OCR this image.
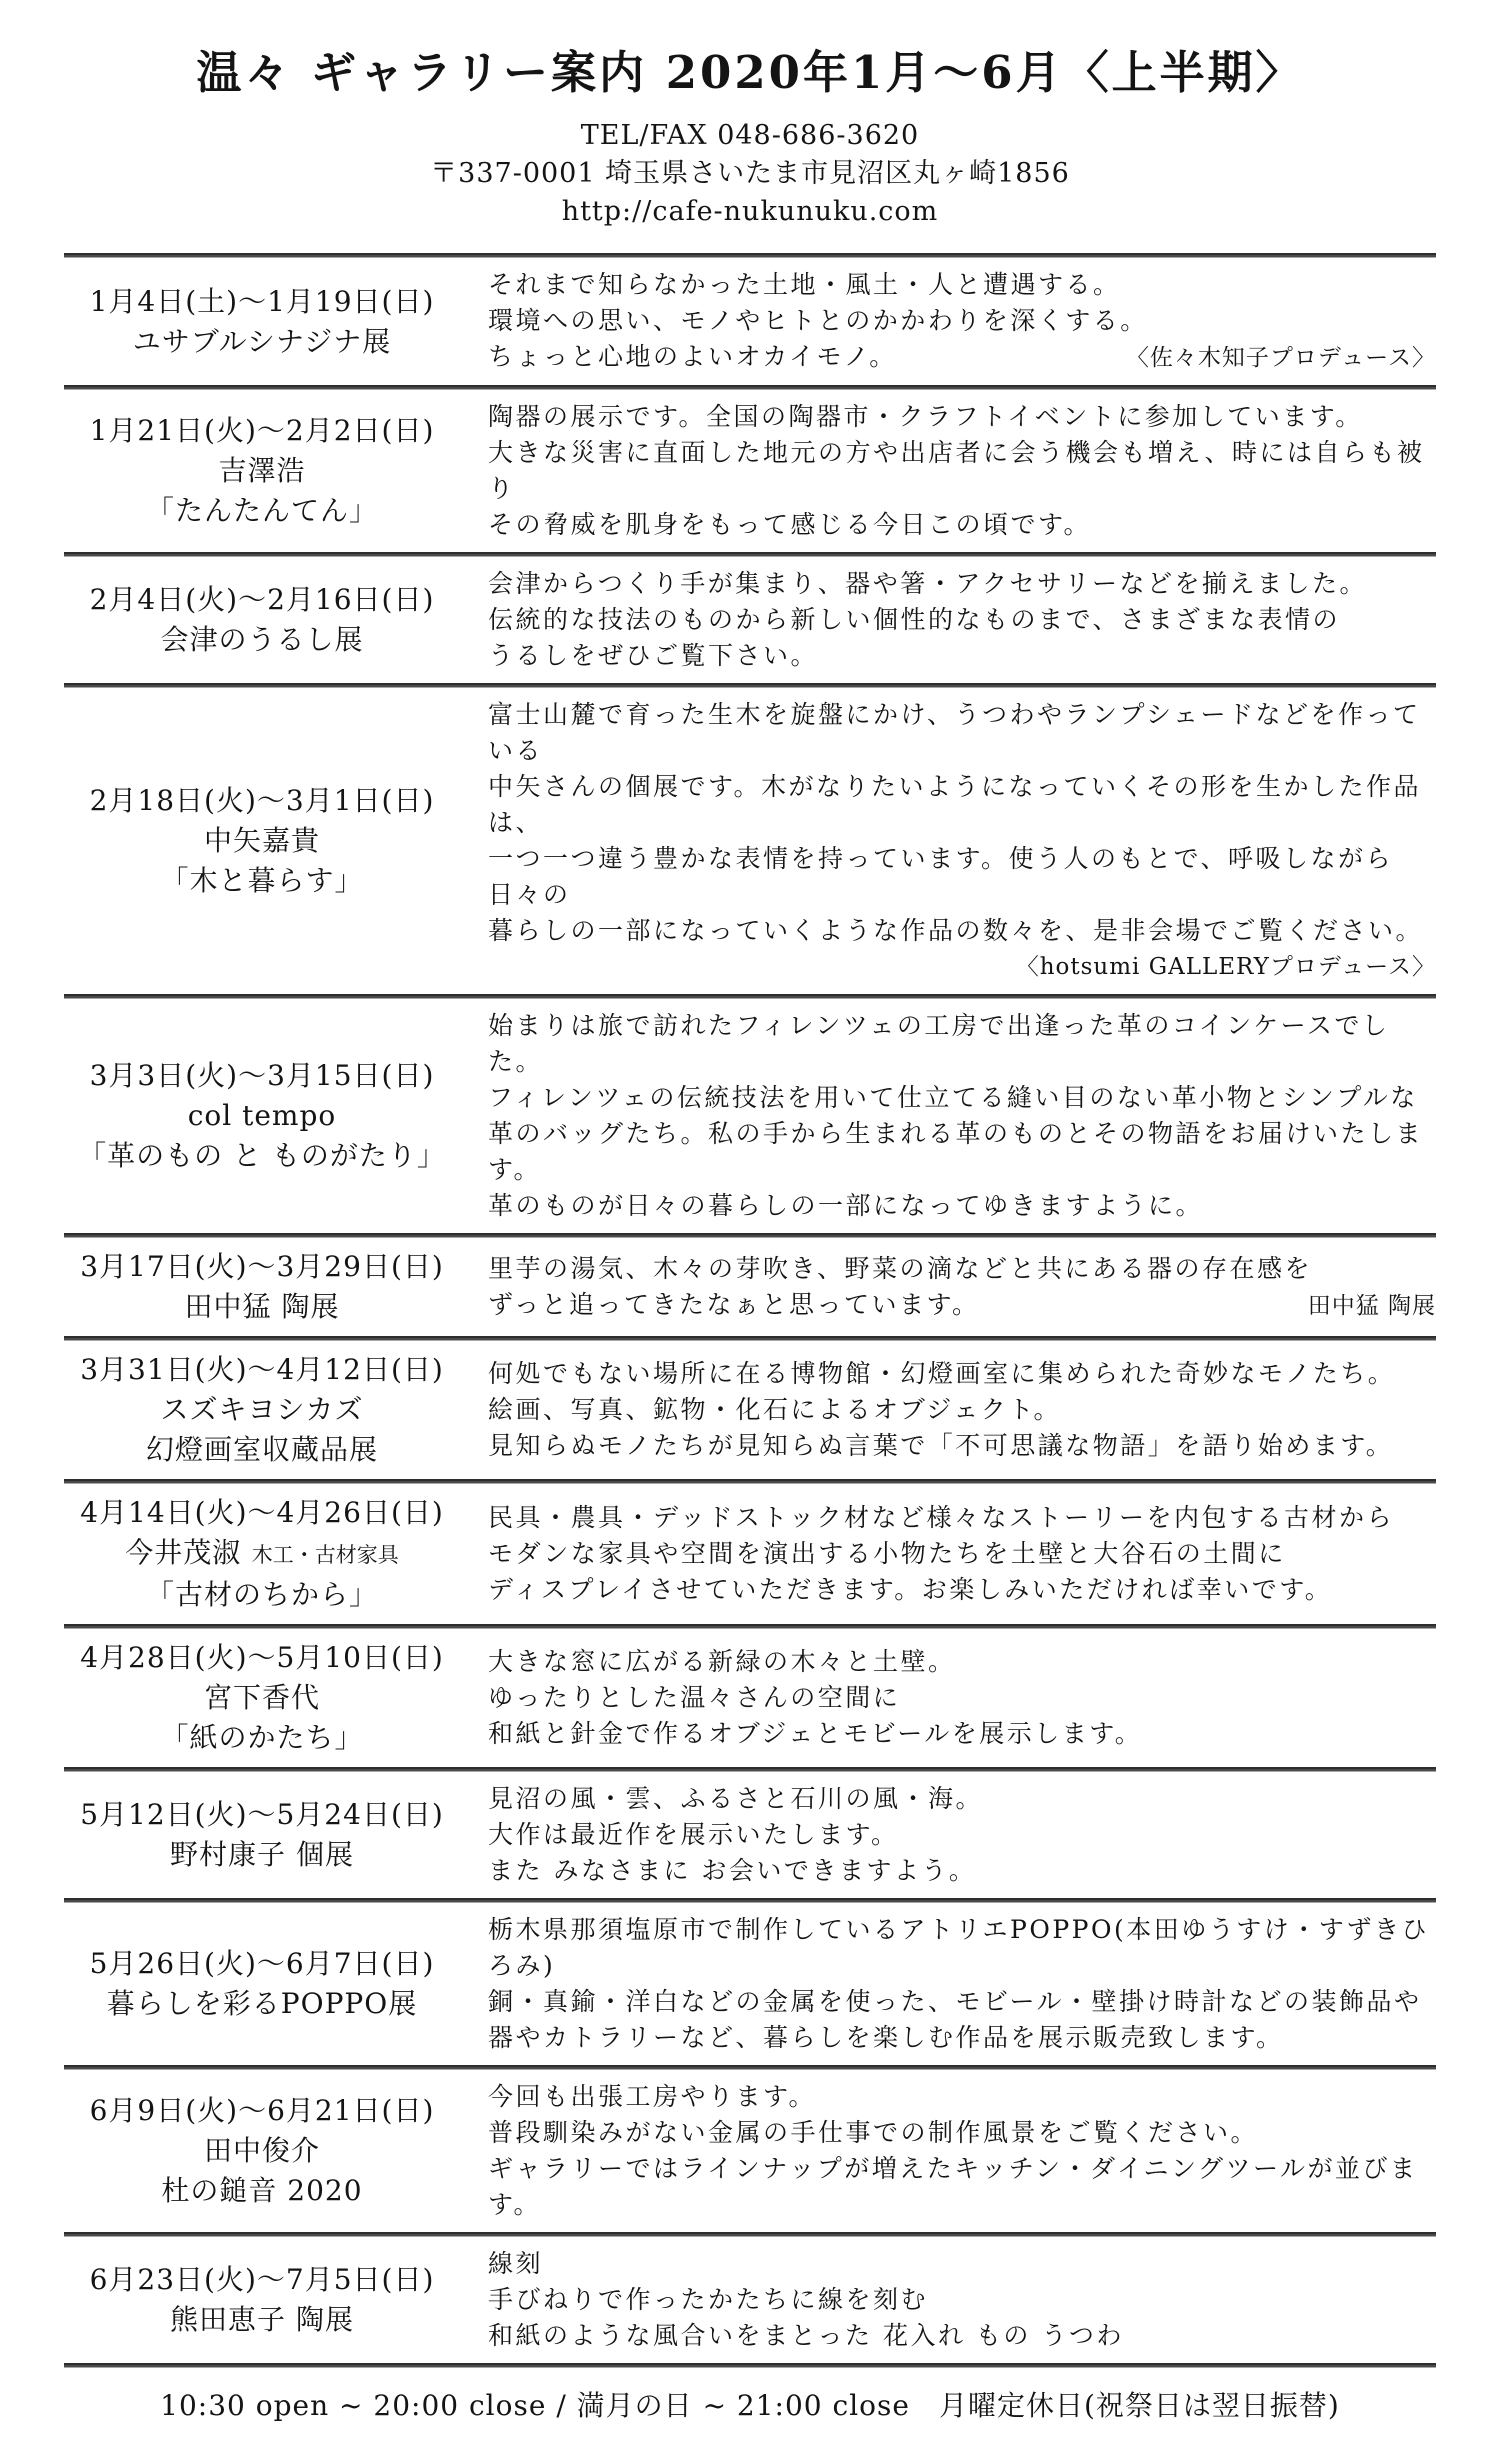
温々 ギャラリー案内 2020年1月〜6月〈上半期〉
TEL/FAX 048-686-3620
〒337-0001 埼玉県さいたま市見沼区丸ヶ崎1856
http://cafe-nukunuku.com
1月4日(土)〜1月19日(日)
ユサブルシナジナ展
それまで知らなかった土地・風土・人と遭遇する。
環境への思い、モノやヒトとのかかわりを深くする。
ちょっと心地のよいオカイモノ。	〈佐々木知子プロデュース〉
1月21日(火)〜2月2日(日)
吉澤浩
「たんたんてん」
陶器の展示です。全国の陶器市・クラフトイベントに参加しています。
大きな災害に直面した地元の方や出店者に会う機会も増え、時には自らも被り
その脅威を肌身をもって感じる今日この頃です。
2月4日(火)〜2月16日(日)
会津のうるし展
会津からつくり手が集まり、器や箸・アクセサリーなどを揃えました。
伝統的な技法のものから新しい個性的なものまで、さまざまな表情の
うるしをぜひご覧下さい。
2月18日(火)〜3月1日(日)
中矢嘉貴
「木と暮らす」
富士山麓で育った生木を旋盤にかけ、うつわやランプシェードなどを作っている
中矢さんの個展です。木がなりたいようになっていくその形を生かした作品は、
一つ一つ違う豊かな表情を持っています。使う人のもとで、呼吸しながら日々の
暮らしの一部になっていくような作品の数々を、是非会場でご覧ください。
〈hotsumi GALLERYプロデュース〉
3月3日(火)〜3月15日(日)
col tempo
「革のもの と ものがたり」
始まりは旅で訪れたフィレンツェの工房で出逢った革のコインケースでした。
フィレンツェの伝統技法を用いて仕立てる縫い目のない革小物とシンプルな
革のバッグたち。私の手から生まれる革のものとその物語をお届けいたします。
革のものが日々の暮らしの一部になってゆきますように。
3月17日(火)〜3月29日(日)
田中猛 陶展
里芋の湯気、木々の芽吹き、野菜の滴などと共にある器の存在感を
ずっと追ってきたなぁと思っています。	田中猛 陶展
3月31日(火)〜4月12日(日)
スズキヨシカズ
幻燈画室収蔵品展
何処でもない場所に在る博物館・幻燈画室に集められた奇妙なモノたち。
絵画、写真、鉱物・化石によるオブジェクト。
見知らぬモノたちが見知らぬ言葉で「不可思議な物語」を語り始めます。
4月14日(火)〜4月26日(日)
今井茂淑 木工・古材家具
「古材のちから」
民具・農具・デッドストック材など様々なストーリーを内包する古材から
モダンな家具や空間を演出する小物たちを土壁と大谷石の土間に
ディスプレイさせていただきます。お楽しみいただければ幸いです。
4月28日(火)〜5月10日(日)
宮下香代
「紙のかたち」
大きな窓に広がる新緑の木々と土壁。
ゆったりとした温々さんの空間に
和紙と針金で作るオブジェとモビールを展示します。
5月12日(火)〜5月24日(日)
野村康子 個展
見沼の風・雲、ふるさと石川の風・海。
大作は最近作を展示いたします。
また みなさまに お会いできますよう。
5月26日(火)〜6月7日(日)
暮らしを彩るPOPPO展
栃木県那須塩原市で制作しているアトリエPOPPO(本田ゆうすけ・すずきひろみ)
銅・真鍮・洋白などの金属を使った、モビール・壁掛け時計などの装飾品や
器やカトラリーなど、暮らしを楽しむ作品を展示販売致します。
6月9日(火)〜6月21日(日)
田中俊介
杜の鎚音 2020
今回も出張工房やります。
普段馴染みがない金属の手仕事での制作風景をご覧ください。
ギャラリーではラインナップが増えたキッチン・ダイニングツールが並びます。
6月23日(火)〜7月5日(日)
熊田恵子 陶展
線刻
手びねりで作ったかたちに線を刻む
和紙のような風合いをまとった 花入れ もの うつわ
10:30 open ~ 20:00 close / 満月の日 ~ 21:00 close　月曜定休日(祝祭日は翌日振替)
